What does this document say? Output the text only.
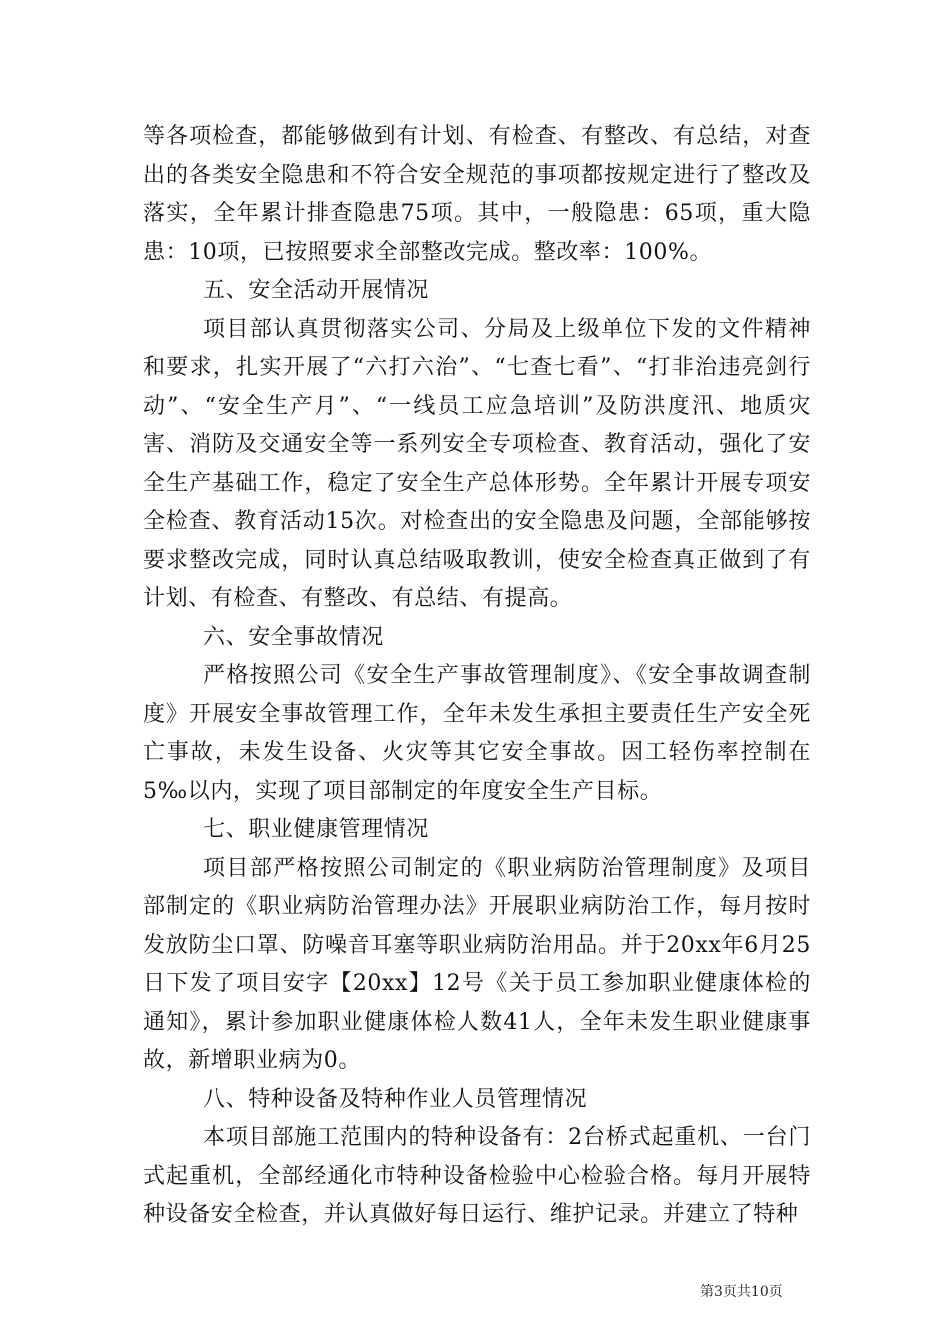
等各项检查，都能够做到有计划、有检查、有整改、有总结，对查出的各类安全隐患和不符合安全规范的事项都按规定进行了整改及落实，全年累计排查隐患75项。其中，一般隐患：65项，重大隐患：10项，已按照要求全部整改完成。整改率：100%。

五、安全活动开展情况

项目部认真贯彻落实公司、分局及上级单位下发的文件精神和要求，扎实开展了“六打六治”、“七查七看”、“打非治违亮剑行动”、“安全生产月”、“一线员工应急培训”及防洪度汛、地质灾害、消防及交通安全等一系列安全专项检查、教育活动，强化了安全生产基础工作，稳定了安全生产总体形势。全年累计开展专项安全检查、教育活动15次。对检查出的安全隐患及问题，全部能够按要求整改完成，同时认真总结吸取教训，使安全检查真正做到了有计划、有检查、有整改、有总结、有提高。

六、安全事故情况

严格按照公司《安全生产事故管理制度》、《安全事故调查制度》开展安全事故管理工作，全年未发生承担主要责任生产安全死亡事故，未发生设备、火灾等其它安全事故。因工轻伤率控制在5‰以内，实现了项目部制定的年度安全生产目标。

七、职业健康管理情况

项目部严格按照公司制定的《职业病防治管理制度》及项目部制定的《职业病防治管理办法》开展职业病防治工作，每月按时发放防尘口罩、防噪音耳塞等职业病防治用品。并于20xx年6月25日下发了项目安字【20xx】12号《关于员工参加职业健康体检的通知》，累计参加职业健康体检人数41人，全年未发生职业健康事故，新增职业病为0。

八、特种设备及特种作业人员管理情况

本项目部施工范围内的特种设备有：2台桥式起重机、一台门式起重机，全部经通化市特种设备检验中心检验合格。每月开展特种设备安全检查，并认真做好每日运行、维护记录。并建立了特种

第3页共10页
